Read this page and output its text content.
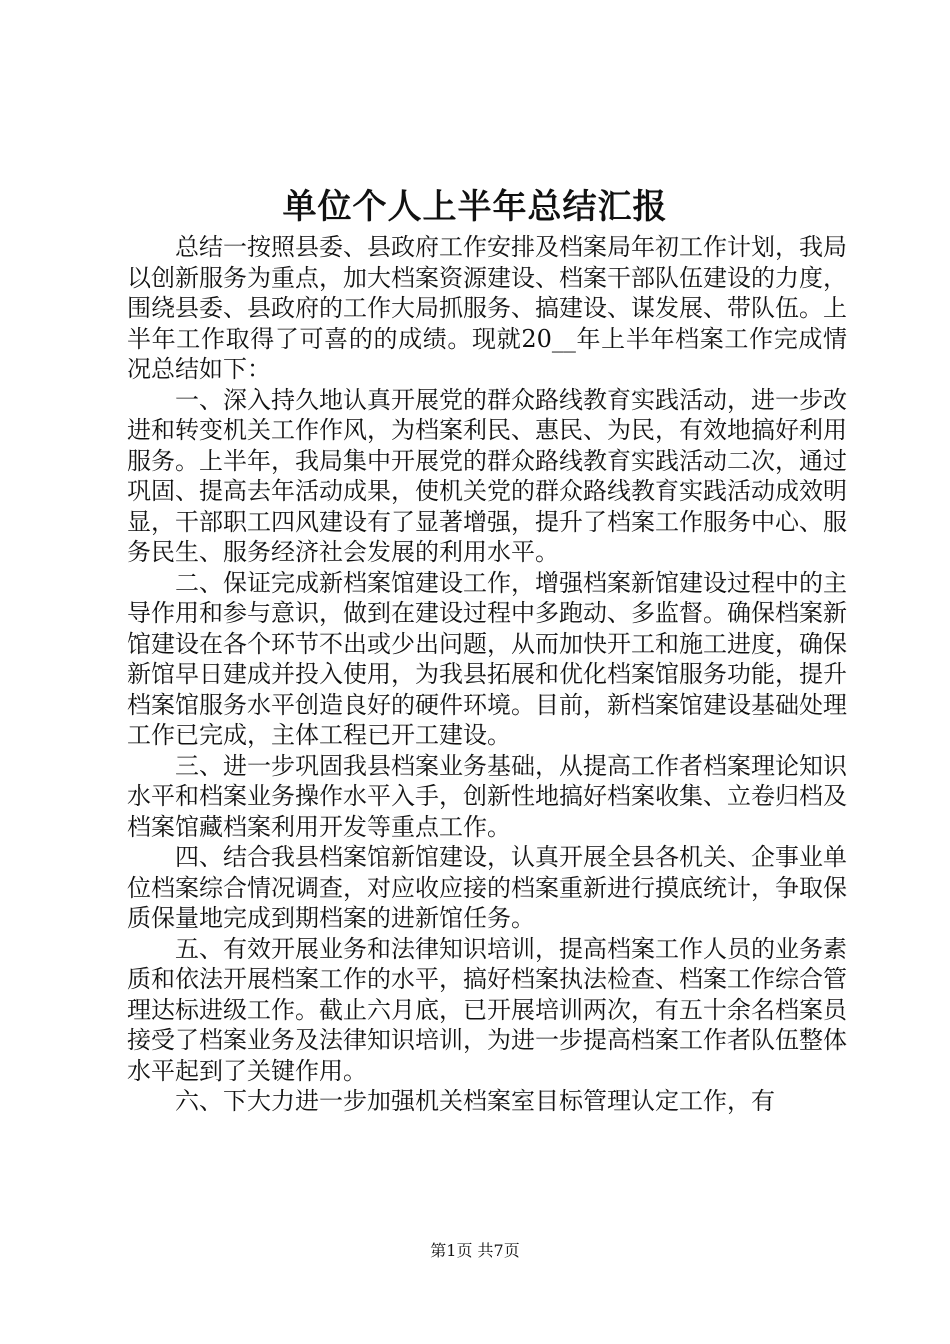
单位个人上半年总结汇报

总结一按照县委、县政府工作安排及档案局年初工作计划，我局以创新服务为重点，加大档案资源建设、档案干部队伍建设的力度，围绕县委、县政府的工作大局抓服务、搞建设、谋发展、带队伍。上半年工作取得了可喜的的成绩。现就20__年上半年档案工作完成情况总结如下：

一、深入持久地认真开展党的群众路线教育实践活动，进一步改进和转变机关工作作风，为档案利民、惠民、为民，有效地搞好利用服务。上半年，我局集中开展党的群众路线教育实践活动二次，通过巩固、提高去年活动成果，使机关党的群众路线教育实践活动成效明显，干部职工四风建设有了显著增强，提升了档案工作服务中心、服务民生、服务经济社会发展的利用水平。

二、保证完成新档案馆建设工作，增强档案新馆建设过程中的主导作用和参与意识，做到在建设过程中多跑动、多监督。确保档案新馆建设在各个环节不出或少出问题，从而加快开工和施工进度，确保新馆早日建成并投入使用，为我县拓展和优化档案馆服务功能，提升档案馆服务水平创造良好的硬件环境。目前，新档案馆建设基础处理工作已完成，主体工程已开工建设。

三、进一步巩固我县档案业务基础，从提高工作者档案理论知识水平和档案业务操作水平入手，创新性地搞好档案收集、立卷归档及档案馆藏档案利用开发等重点工作。

四、结合我县档案馆新馆建设，认真开展全县各机关、企事业单位档案综合情况调查，对应收应接的档案重新进行摸底统计，争取保质保量地完成到期档案的进新馆任务。

五、有效开展业务和法律知识培训，提高档案工作人员的业务素质和依法开展档案工作的水平，搞好档案执法检查、档案工作综合管理达标进级工作。截止六月底，已开展培训两次，有五十余名档案员接受了档案业务及法律知识培训，为进一步提高档案工作者队伍整体水平起到了关键作用。

六、下大力进一步加强机关档案室目标管理认定工作，有

第1页 共7页
